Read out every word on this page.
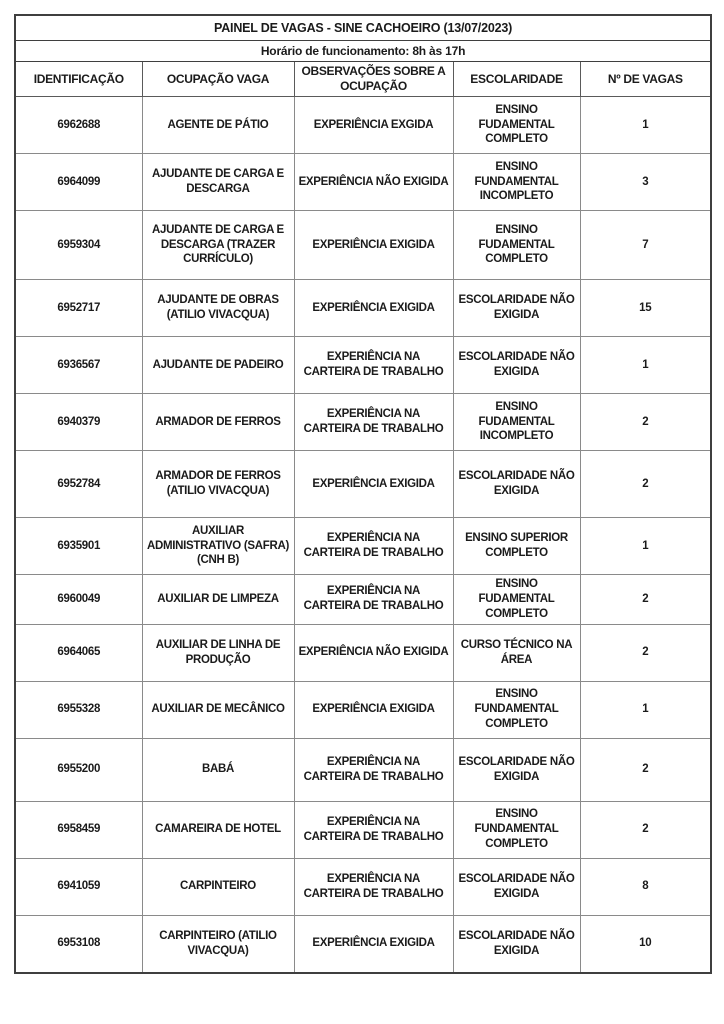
PAINEL DE VAGAS - SINE CACHOEIRO (13/07/2023)				
Horário de funcionamento: 8h às 17h				
IDENTIFICAÇÃO	OCUPAÇÃO VAGA	OBSERVAÇÕES SOBRE A OCUPAÇÃO	ESCOLARIDADE	Nº DE VAGAS
6962688	AGENTE DE PÁTIO	EXPERIÊNCIA EXGIDA	ENSINO FUDAMENTAL COMPLETO	1
6964099	AJUDANTE DE CARGA E DESCARGA	EXPERIÊNCIA NÃO EXIGIDA	ENSINO FUNDAMENTAL INCOMPLETO	3
6959304	AJUDANTE DE CARGA E DESCARGA (TRAZER CURRÍCULO)	EXPERIÊNCIA EXIGIDA	ENSINO FUDAMENTAL COMPLETO	7
6952717	AJUDANTE DE OBRAS (ATILIO VIVACQUA)	EXPERIÊNCIA EXIGIDA	ESCOLARIDADE NÃO EXIGIDA	15
6936567	AJUDANTE DE PADEIRO	EXPERIÊNCIA NA CARTEIRA DE TRABALHO	ESCOLARIDADE NÃO EXIGIDA	1
6940379	ARMADOR DE FERROS	EXPERIÊNCIA NA CARTEIRA DE TRABALHO	ENSINO FUDAMENTAL INCOMPLETO	2
6952784	ARMADOR DE FERROS (ATILIO VIVACQUA)	EXPERIÊNCIA EXIGIDA	ESCOLARIDADE NÃO EXIGIDA	2
6935901	AUXILIAR ADMINISTRATIVO (SAFRA) (CNH B)	EXPERIÊNCIA NA CARTEIRA DE TRABALHO	ENSINO SUPERIOR COMPLETO	1
6960049	AUXILIAR DE LIMPEZA	EXPERIÊNCIA NA CARTEIRA DE TRABALHO	ENSINO FUDAMENTAL COMPLETO	2
6964065	AUXILIAR DE LINHA DE PRODUÇÃO	EXPERIÊNCIA NÃO EXIGIDA	CURSO TÉCNICO NA ÁREA	2
6955328	AUXILIAR DE MECÂNICO	EXPERIÊNCIA EXIGIDA	ENSINO FUNDAMENTAL COMPLETO	1
6955200	BABÁ	EXPERIÊNCIA NA CARTEIRA DE TRABALHO	ESCOLARIDADE NÃO EXIGIDA	2
6958459	CAMAREIRA DE HOTEL	EXPERIÊNCIA NA CARTEIRA DE TRABALHO	ENSINO FUNDAMENTAL COMPLETO	2
6941059	CARPINTEIRO	EXPERIÊNCIA NA CARTEIRA DE TRABALHO	ESCOLARIDADE NÃO EXIGIDA	8
6953108	CARPINTEIRO (ATILIO VIVACQUA)	EXPERIÊNCIA EXIGIDA	ESCOLARIDADE NÃO EXIGIDA	10
